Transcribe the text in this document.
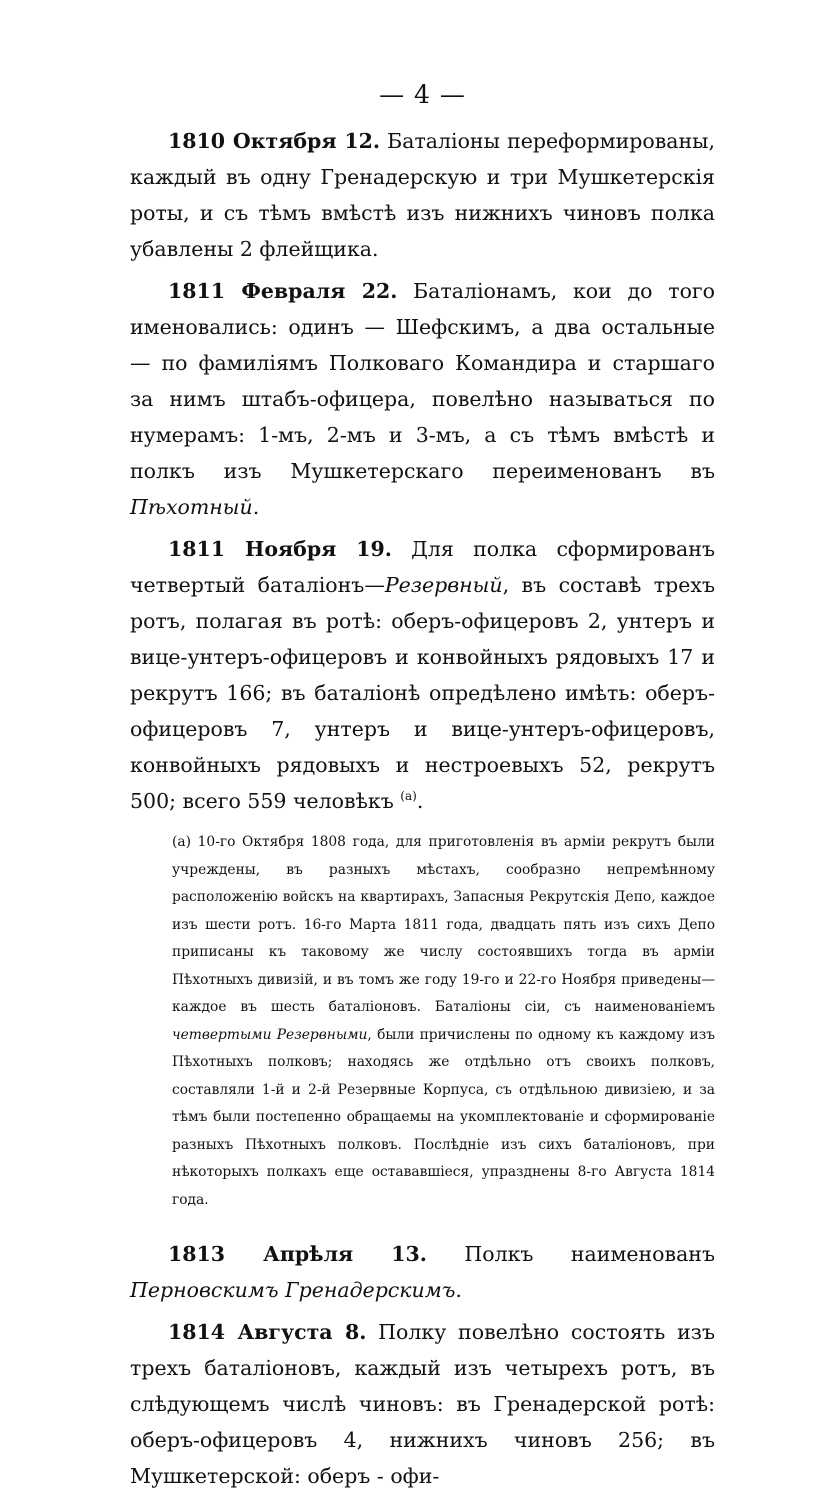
— 4 —

1810 Октября 12. Баталіоны переформированы, каждый въ одну Гренадерскую и три Мушкетерскія роты, и съ тѣмъ вмѣстѣ изъ нижнихъ чиновъ полка убавлены 2 флейщика.

1811 Февраля 22. Баталіонамъ, кои до того именовались: одинъ — Шефскимъ, а два остальные — по фамиліямъ Полковаго Командира и старшаго за нимъ штабъ-офицера, повелѣно называться по нумерамъ: 1-мъ, 2-мъ и 3-мъ, а съ тѣмъ вмѣстѣ и полкъ изъ Мушкетерскаго переименованъ въ Пѣхотный.

1811 Ноября 19. Для полка сформированъ четвертый баталіонъ—Резервный, въ составѣ трехъ ротъ, полагая въ ротѣ: оберъ-офицеровъ 2, унтеръ и вице-унтеръ-офицеровъ и конвойныхъ рядовыхъ 17 и рекрутъ 166; въ баталіонѣ опредѣлено имѣть: оберъ-офицеровъ 7, унтеръ и вице-унтеръ-офицеровъ, конвойныхъ рядовыхъ и нестроевыхъ 52, рекрутъ 500; всего 559 человѣкъ $^{(а)}$.

(а) 10-го Октября 1808 года, для приготовленія въ арміи рекрутъ были учреждены, въ разныхъ мѣстахъ, сообразно непремѣнному расположенію войскъ на квартирахъ, Запасныя Рекрутскія Депо, каждое изъ шести ротъ. 16-го Марта 1811 года, двадцать пять изъ сихъ Депо приписаны къ таковому же числу состоявшихъ тогда въ арміи Пѣхотныхъ дивизій, и въ томъ же году 19-го и 22-го Ноября приведены— каждое въ шесть баталіоновъ. Баталіоны сіи, съ наименованіемъ четвертыми Резервными, были причислены по одному къ каждому изъ Пѣхотныхъ полковъ; находясь же отдѣльно отъ своихъ полковъ, составляли 1-й и 2-й Резервные Корпуса, съ отдѣльною дивизіею, и за тѣмъ были постепенно обращаемы на укомплектованіе и сформированіе разныхъ Пѣхотныхъ полковъ. Послѣдніе изъ сихъ баталіоновъ, при нѣкоторыхъ полкахъ еще остававшіеся, упразднены 8-го Августа 1814 года.

1813 Апрѣля 13. Полкъ наименованъ Перновскимъ Гренадерскимъ.

1814 Августа 8. Полку повелѣно состоять изъ трехъ баталіоновъ, каждый изъ четырехъ ротъ, въ слѣдующемъ числѣ чиновъ: въ Гренадерской ротѣ: оберъ-офицеровъ 4, нижнихъ чиновъ 256; въ Мушкетерской: оберъ - офи-
